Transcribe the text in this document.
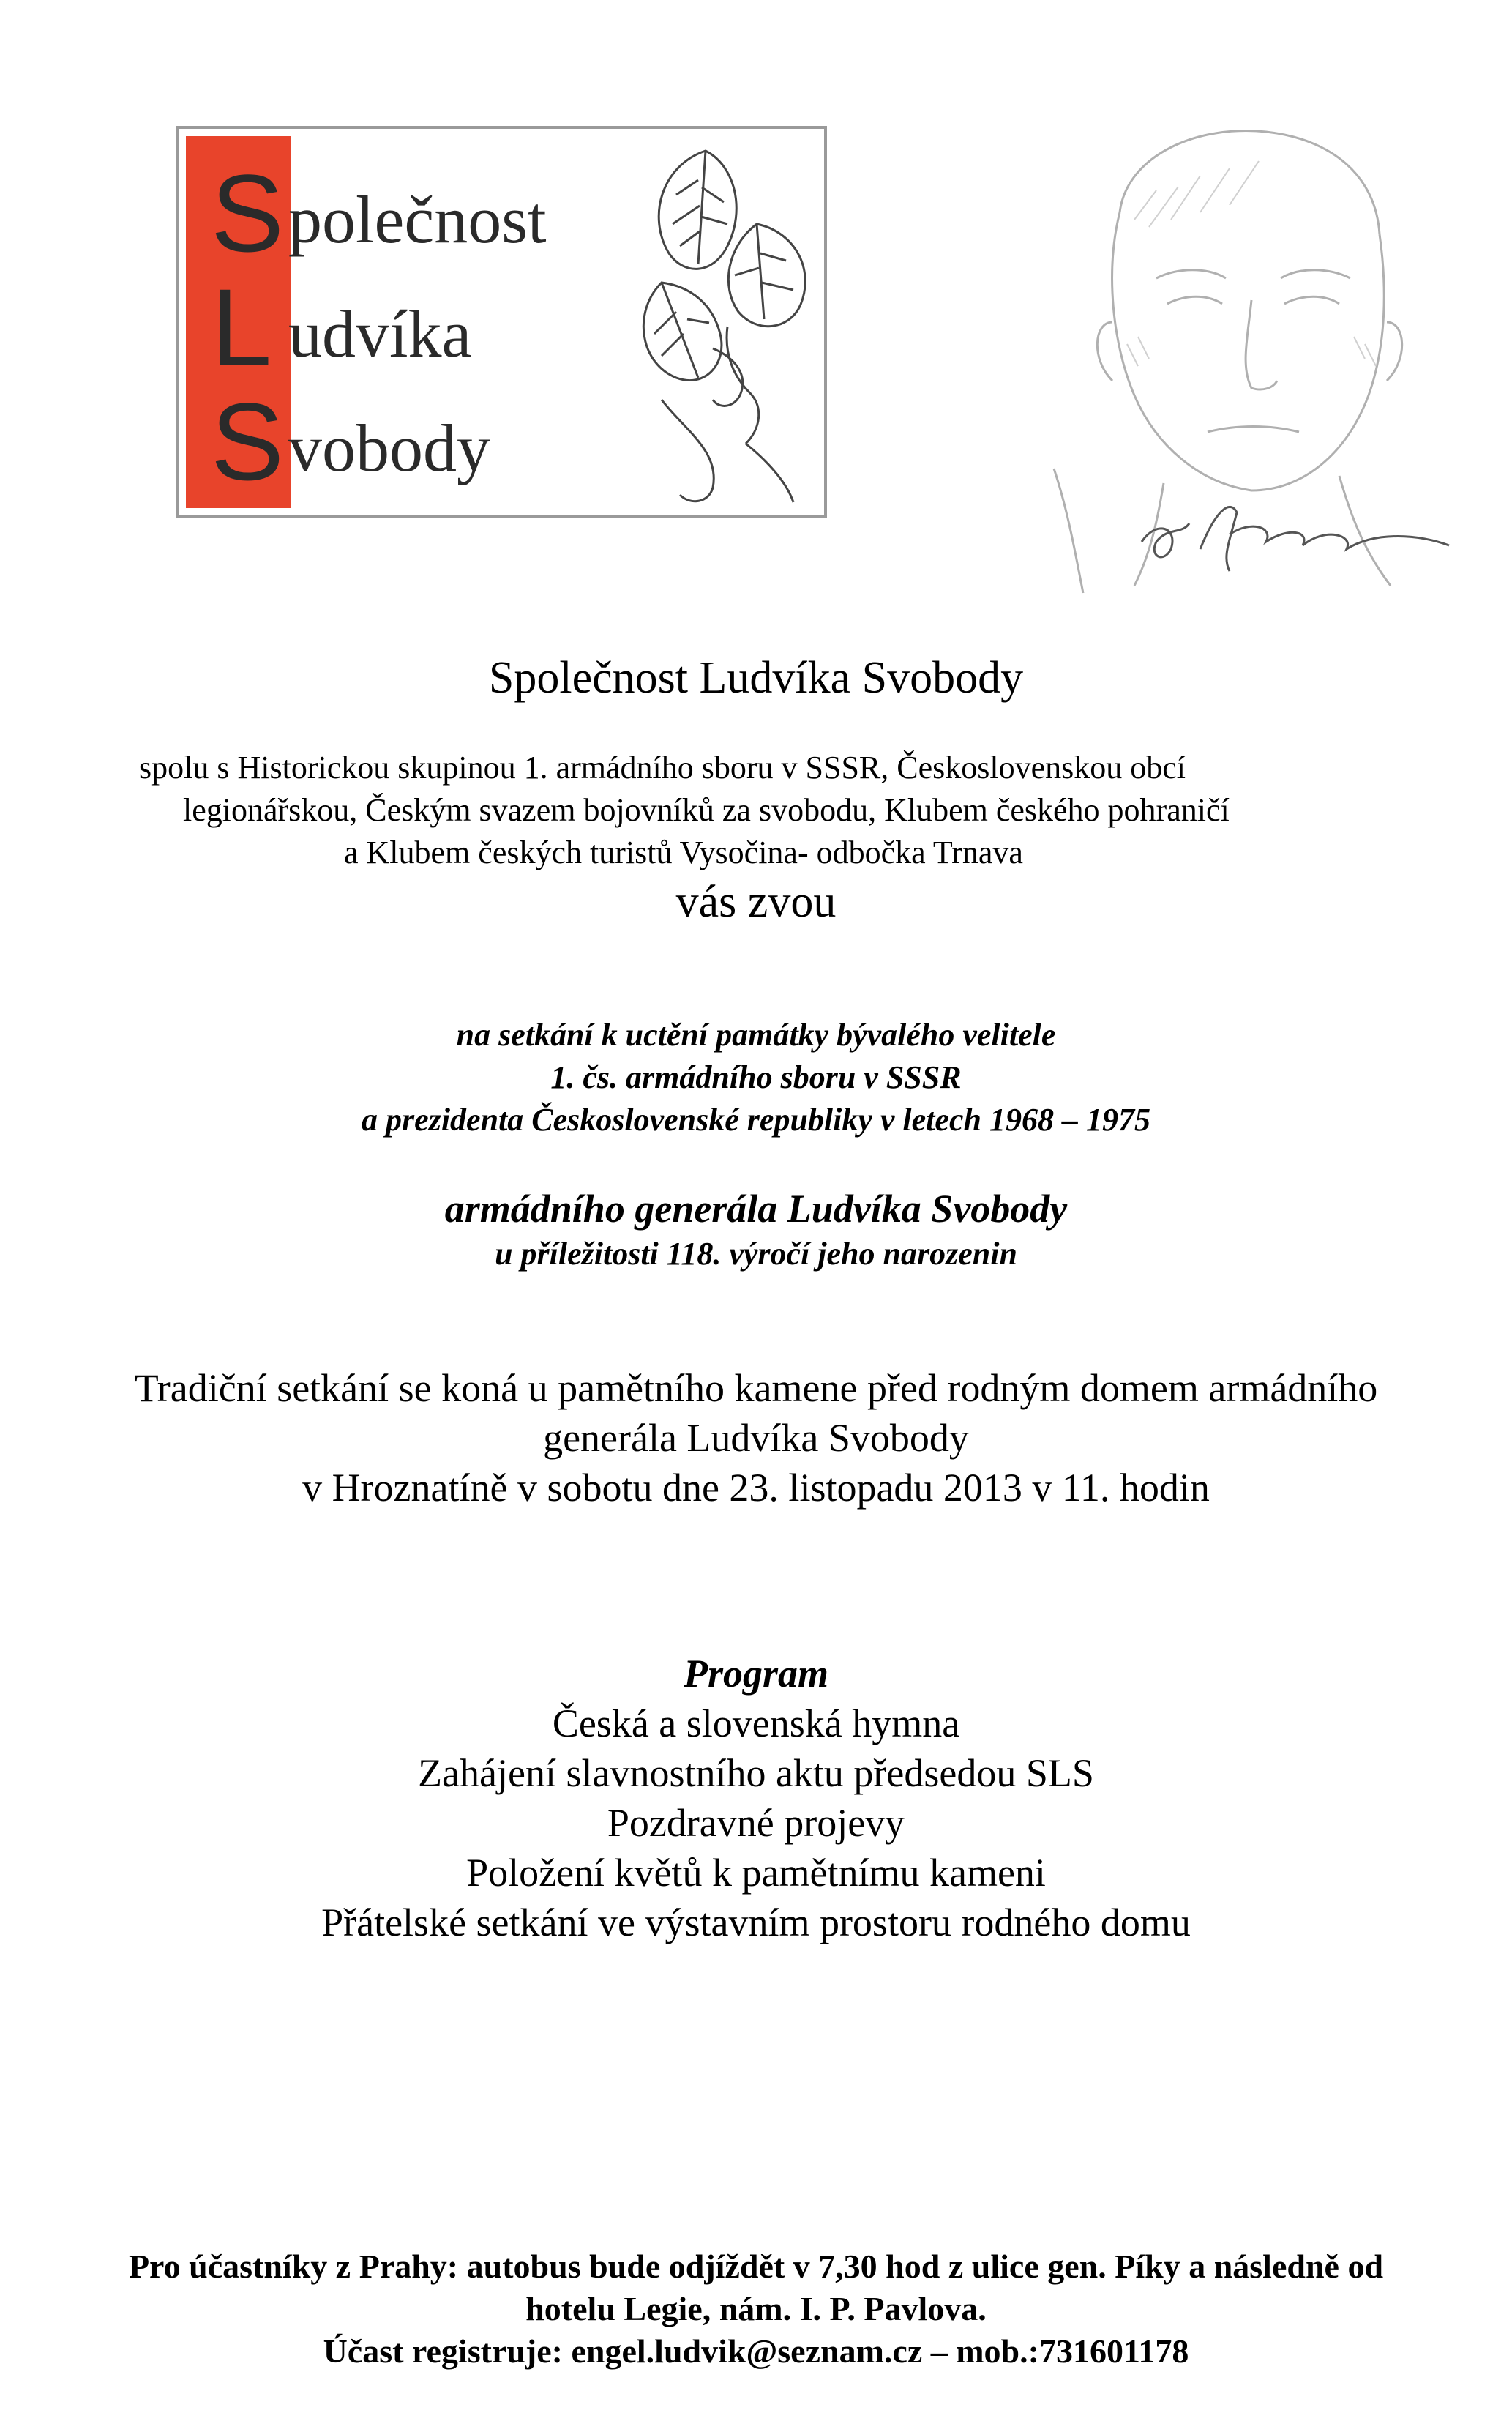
S polečnost
L udvíka
S vobody
Společnost Ludvíka Svobody
spolu s Historickou skupinou 1. armádního sboru v SSSR, Československou obcí
legionářskou, Českým svazem bojovníků za svobodu, Klubem českého pohraničí
a Klubem českých turistů Vysočina- odbočka Trnava
vás zvou
na setkání k uctění památky bývalého velitele
1. čs. armádního sboru v SSSR
a prezidenta Československé republiky v letech 1968 – 1975
armádního generála Ludvíka Svobody
u příležitosti 118. výročí jeho narozenin
Tradiční setkání se koná u pamětního kamene před rodným domem armádního
generála Ludvíka Svobody
v Hroznatíně v sobotu dne 23. listopadu 2013 v 11. hodin
Program
Česká a slovenská hymna
Zahájení slavnostního aktu předsedou SLS
Pozdravné projevy
Položení květů k pamětnímu kameni
Přátelské setkání ve výstavním prostoru rodného domu
Pro účastníky z Prahy: autobus bude odjíždět v 7,30 hod z ulice gen. Píky a následně od
hotelu Legie, nám. I. P. Pavlova.
Účast registruje: engel.ludvik@seznam.cz – mob.:731601178
